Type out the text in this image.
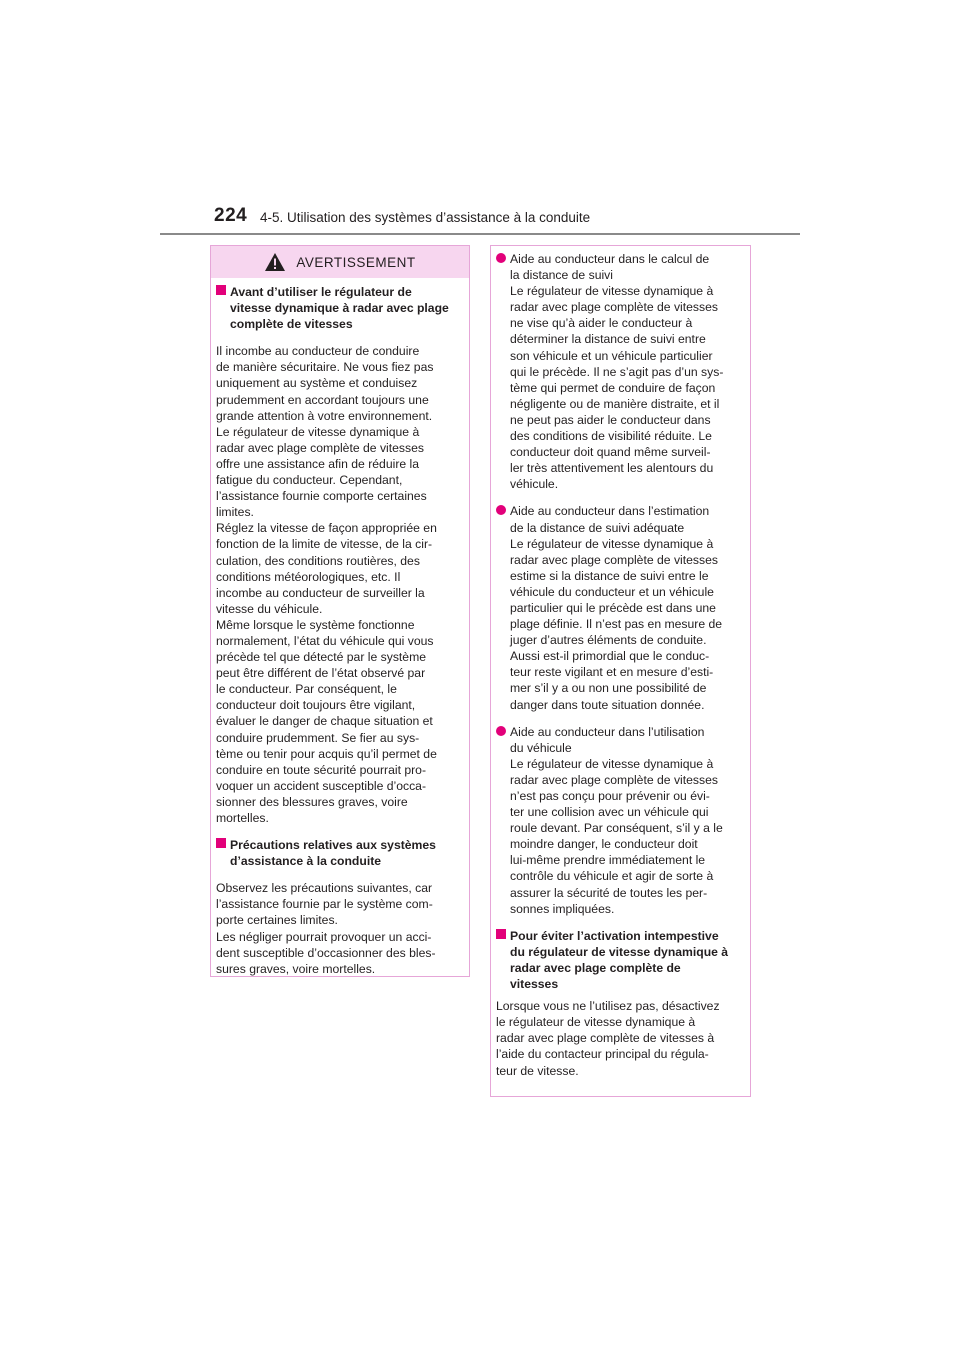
224 4-5. Utilisation des systèmes d’assistance à la conduite
AVERTISSEMENT
Avant d’utiliser le régulateur de
vitesse dynamique à radar avec plage
complète de vitesses

Il incombe au conducteur de conduire
de manière sécuritaire. Ne vous fiez pas
uniquement au système et conduisez
prudemment en accordant toujours une
grande attention à votre environnement.
Le régulateur de vitesse dynamique à
radar avec plage complète de vitesses
offre une assistance afin de réduire la
fatigue du conducteur. Cependant,
l’assistance fournie comporte certaines
limites.

Réglez la vitesse de façon appropriée en
fonction de la limite de vitesse, de la cir-
culation, des conditions routières, des
conditions météorologiques, etc. Il
incombe au conducteur de surveiller la
vitesse du véhicule.

Même lorsque le système fonctionne
normalement, l’état du véhicule qui vous
précède tel que détecté par le système
peut être différent de l’état observé par
le conducteur. Par conséquent, le
conducteur doit toujours être vigilant,
évaluer le danger de chaque situation et
conduire prudemment. Se fier au sys-
tème ou tenir pour acquis qu’il permet de
conduire en toute sécurité pourrait pro-
voquer un accident susceptible d’occa-
sionner des blessures graves, voire
mortelles.

Précautions relatives aux systèmes
d’assistance à la conduite

Observez les précautions suivantes, car
l’assistance fournie par le système com-
porte certaines limites.

Les négliger pourrait provoquer un acci-
dent susceptible d’occasionner des bles-
sures graves, voire mortelles.

Aide au conducteur dans le calcul de
la distance de suivi
Le régulateur de vitesse dynamique à
radar avec plage complète de vitesses
ne vise qu’à aider le conducteur à
déterminer la distance de suivi entre
son véhicule et un véhicule particulier
qui le précède. Il ne s’agit pas d’un sys-
tème qui permet de conduire de façon
négligente ou de manière distraite, et il
ne peut pas aider le conducteur dans
des conditions de visibilité réduite. Le
conducteur doit quand même surveil-
ler très attentivement les alentours du
véhicule.
Aide au conducteur dans l’estimation
de la distance de suivi adéquate
Le régulateur de vitesse dynamique à
radar avec plage complète de vitesses
estime si la distance de suivi entre le
véhicule du conducteur et un véhicule
particulier qui le précède est dans une
plage définie. Il n’est pas en mesure de
juger d’autres éléments de conduite.
Aussi est-il primordial que le conduc-
teur reste vigilant et en mesure d’esti-
mer s’il y a ou non une possibilité de
danger dans toute situation donnée.
Aide au conducteur dans l’utilisation
du véhicule
Le régulateur de vitesse dynamique à
radar avec plage complète de vitesses
n’est pas conçu pour prévenir ou évi-
ter une collision avec un véhicule qui
roule devant. Par conséquent, s’il y a le
moindre danger, le conducteur doit
lui-même prendre immédiatement le
contrôle du véhicule et agir de sorte à
assurer la sécurité de toutes les per-
sonnes impliquées.
Pour éviter l’activation intempestive
du régulateur de vitesse dynamique à
radar avec plage complète de
vitesses

Lorsque vous ne l’utilisez pas, désactivez
le régulateur de vitesse dynamique à
radar avec plage complète de vitesses à
l’aide du contacteur principal du régula-
teur de vitesse.
